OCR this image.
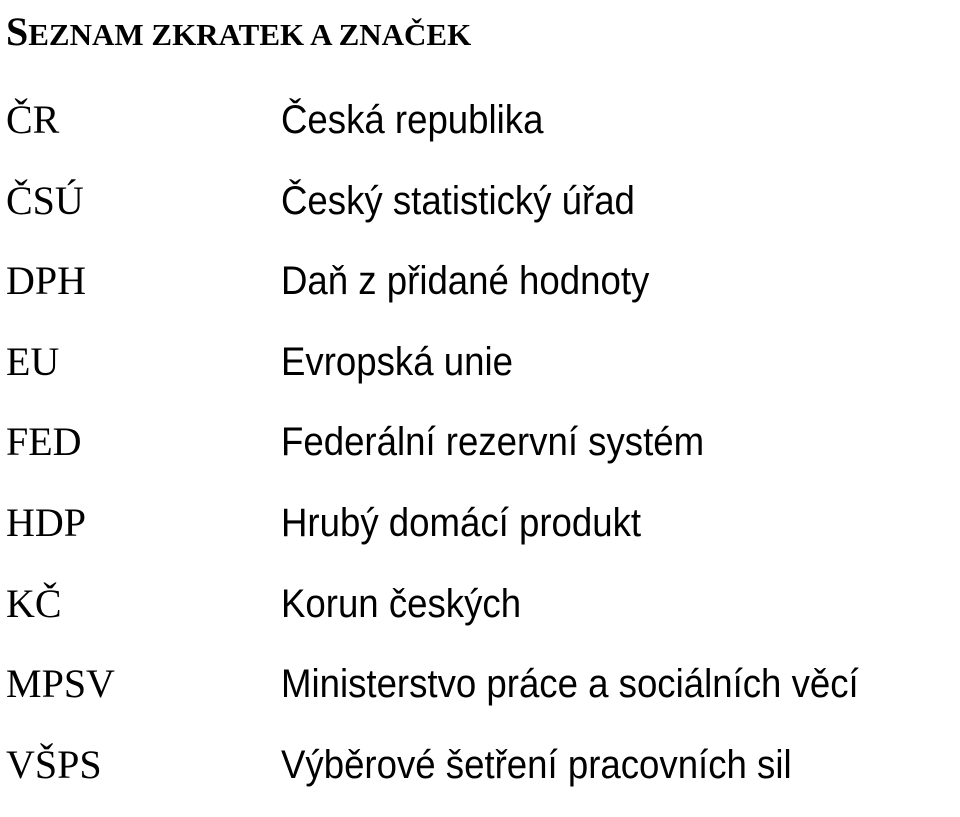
SEZNAM ZKRATEK A ZNAČEK
ČR	Česká republika
ČSÚ	Český statistický úřad
DPH	Daň z přidané hodnoty
EU	Evropská unie
FED	Federální rezervní systém
HDP	Hrubý domácí produkt
KČ	Korun českých
MPSV	Ministerstvo práce a sociálních věcí
VŠPS	Výběrové šetření pracovních sil
